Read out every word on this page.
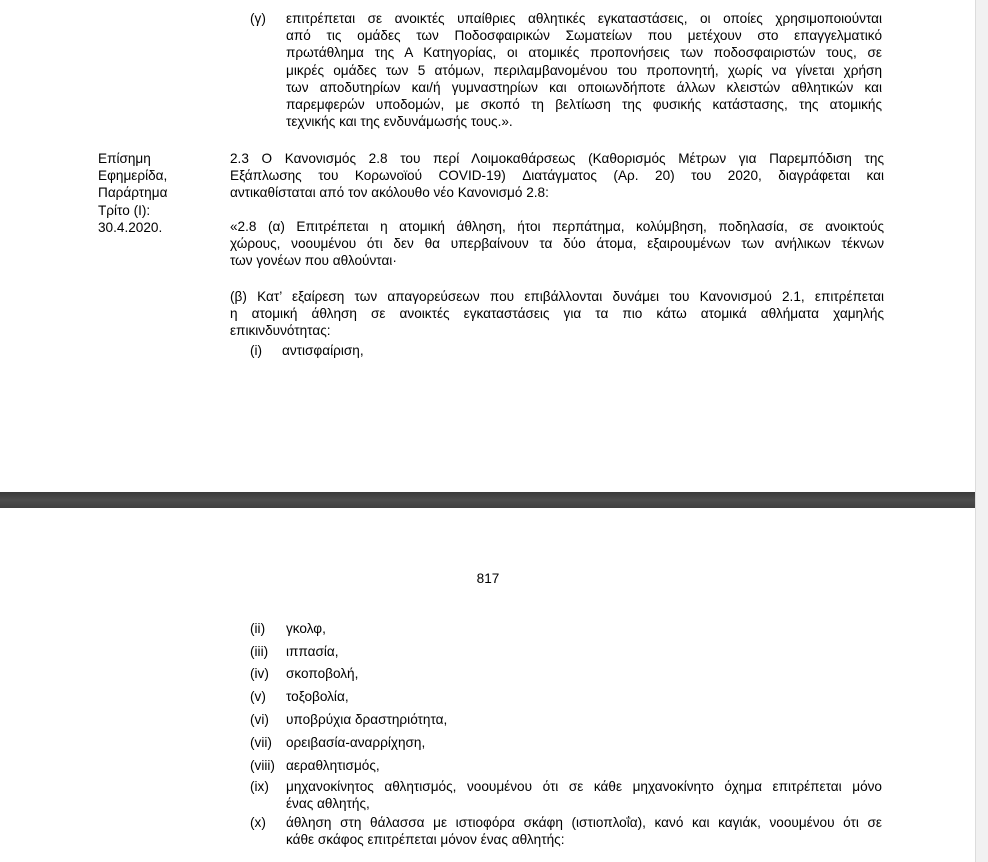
(γ) επιτρέπεται σε ανοικτές υπαίθριες αθλητικές εγκαταστάσεις, οι οποίες χρησιμοποιούνται
από τις ομάδες των Ποδοσφαιρικών Σωματείων που μετέχουν στο επαγγελματικό
πρωτάθλημα της Α Κατηγορίας, οι ατομικές προπονήσεις των ποδοσφαιριστών τους, σε
μικρές ομάδες των 5 ατόμων, περιλαμβανομένου του προπονητή, χωρίς να γίνεται χρήση
των αποδυτηρίων και/ή γυμναστηρίων και οποιωνδήποτε άλλων κλειστών αθλητικών και
παρεμφερών υποδομών, με σκοπό τη βελτίωση της φυσικής κατάστασης, της ατομικής
τεχνικής και της ενδυνάμωσής τους.».
Επίσημη
Εφημερίδα,
Παράρτημα
Τρίτο (Ι):
30.4.2020.
2.3 Ο Κανονισμός 2.8 του περί Λοιμοκαθάρσεως (Καθορισμός Μέτρων για Παρεμπόδιση της
Εξάπλωσης του Κορωνοϊού COVID-19) Διατάγματος (Αρ. 20) του 2020, διαγράφεται και
αντικαθίσταται από τον ακόλουθο νέο Κανονισμό 2.8:
«2.8 (α) Επιτρέπεται η ατομική άθληση, ήτοι περπάτημα, κολύμβηση, ποδηλασία, σε ανοικτούς
χώρους, νοουμένου ότι δεν θα υπερβαίνουν τα δύο άτομα, εξαιρουμένων των ανήλικων τέκνων
των γονέων που αθλούνται·
(β) Κατ’ εξαίρεση των απαγορεύσεων που επιβάλλονται δυνάμει του Κανονισμού 2.1, επιτρέπεται
η ατομική άθληση σε ανοικτές εγκαταστάσεις για τα πιο κάτω ατομικά αθλήματα χαμηλής
επικινδυνότητας:
(i) αντισφαίριση,
817
(ii) γκολφ,
(iii) ιππασία,
(iv) σκοποβολή,
(v) τοξοβολία,
(vi) υποβρύχια δραστηριότητα,
(vii) ορειβασία-αναρρίχηση,
(viii) αεραθλητισμός,
(ix) μηχανοκίνητος αθλητισμός, νοουμένου ότι σε κάθε μηχανοκίνητο όχημα επιτρέπεται μόνο
ένας αθλητής,
(x) άθληση στη θάλασσα με ιστιοφόρα σκάφη (ιστιοπλοΐα), κανό και καγιάκ, νοουμένου ότι σε
κάθε σκάφος επιτρέπεται μόνον ένας αθλητής:
